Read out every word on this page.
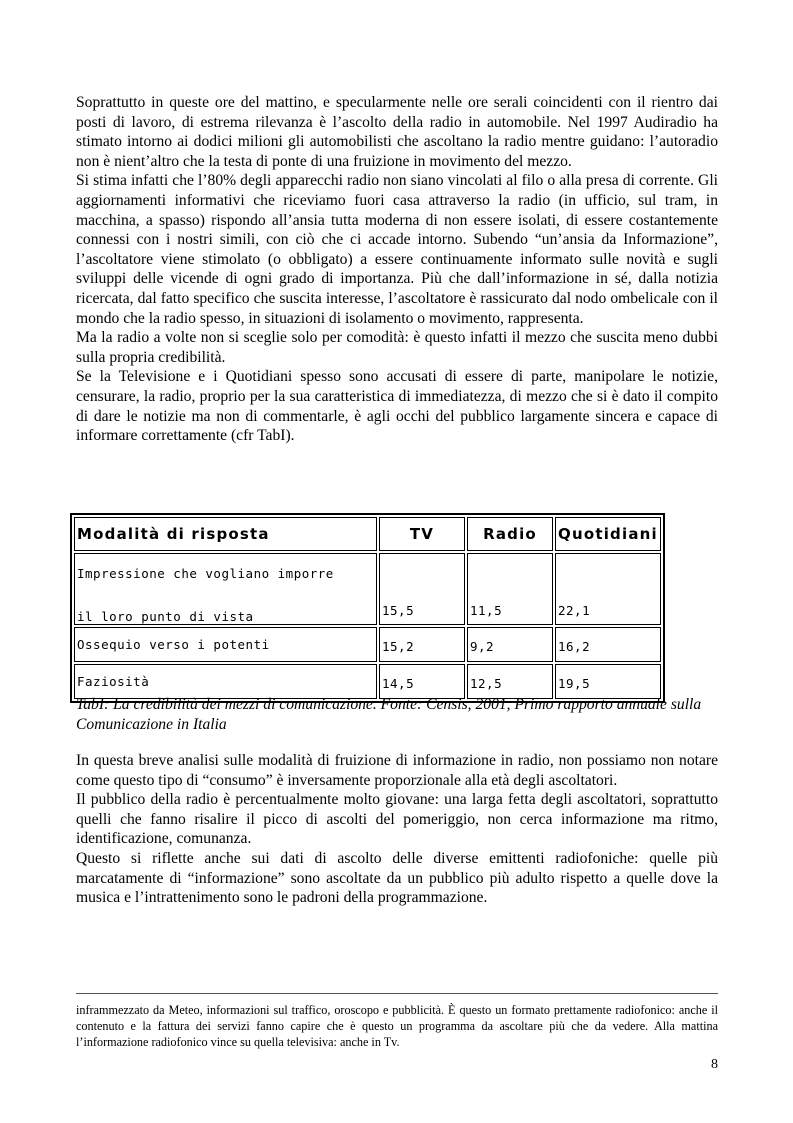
Soprattutto in queste ore del mattino, e specularmente nelle ore serali coincidenti con il rientro dai posti di lavoro, di estrema rilevanza è l’ascolto della radio in automobile. Nel 1997 Audiradio ha stimato intorno ai dodici milioni gli automobilisti che ascoltano la radio mentre guidano: l’autoradio non è nient’altro che la testa di ponte di una fruizione in movimento del mezzo.

Si stima infatti che l’80% degli apparecchi radio non siano vincolati al filo o alla presa di corrente. Gli aggiornamenti informativi che riceviamo fuori casa attraverso la radio (in ufficio, sul tram, in macchina, a spasso) rispondo all’ansia tutta moderna di non essere isolati, di essere costantemente connessi con i nostri simili, con ciò che ci accade intorno. Subendo “un’ansia da Informazione”, l’ascoltatore viene stimolato (o obbligato) a essere continuamente informato sulle novità e sugli sviluppi delle vicende di ogni grado di importanza. Più che dall’informazione in sé, dalla notizia ricercata, dal fatto specifico che suscita interesse, l’ascoltatore è rassicurato dal nodo ombelicale con il mondo che la radio spesso, in situazioni di isolamento o movimento, rappresenta.

Ma la radio a volte non si sceglie solo per comodità: è questo infatti il mezzo che suscita meno dubbi sulla propria credibilità.

Se la Televisione e i Quotidiani spesso sono accusati di essere di parte, manipolare le notizie, censurare, la radio, proprio per la sua caratteristica di immediatezza, di mezzo che si è dato il compito di dare le notizie ma non di commentarle, è agli occhi del pubblico largamente sincera e capace di informare correttamente (cfr TabI).

Modalità di risposta	TV	Radio	Quotidiani

Impressione che vogliano imporre
il loro punto di vista	15,5	11,5	22,1
Ossequio verso i potenti	15,2	9,2	16,2
Faziosità	14,5	12,5	19,5
TabI: La credibilità dei mezzi di comunicazione. Fonte: Censis, 2001, Primo rapporto annuale sulla Comunicazione in Italia

In questa breve analisi sulle modalità di fruizione di informazione in radio, non possiamo non notare come questo tipo di “consumo” è inversamente proporzionale alla età degli ascoltatori.

Il pubblico della radio è percentualmente molto giovane: una larga fetta degli ascoltatori, soprattutto quelli che fanno risalire il picco di ascolti del pomeriggio, non cerca informazione ma ritmo, identificazione, comunanza.

Questo si riflette anche sui dati di ascolto delle diverse emittenti radiofoniche: quelle più marcatamente di “informazione” sono ascoltate da un pubblico più adulto rispetto a quelle dove la musica e l’intrattenimento sono le padroni della programmazione.

inframmezzato da Meteo, informazioni sul traffico, oroscopo e pubblicità. È questo un formato prettamente radiofonico: anche il contenuto e la fattura dei servizi fanno capire che è questo un programma da ascoltare più che da vedere. Alla mattina l’informazione radiofonico vince su quella televisiva: anche in Tv.
8
